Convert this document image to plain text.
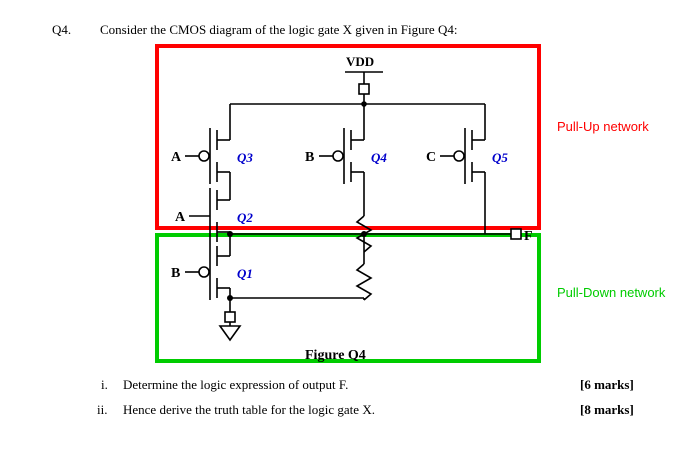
Q4. Consider the CMOS diagram of the logic gate X given in Figure Q4:
A	B	C
A
B
Q3	Q4	Q5
Q2
Q1
VDD
F
Pull-Up network
Pull-Down network
Figure Q4
i. Determine the logic expression of output F.	[6 marks]
ii. Hence derive the truth table for the logic gate X.	[8 marks]
